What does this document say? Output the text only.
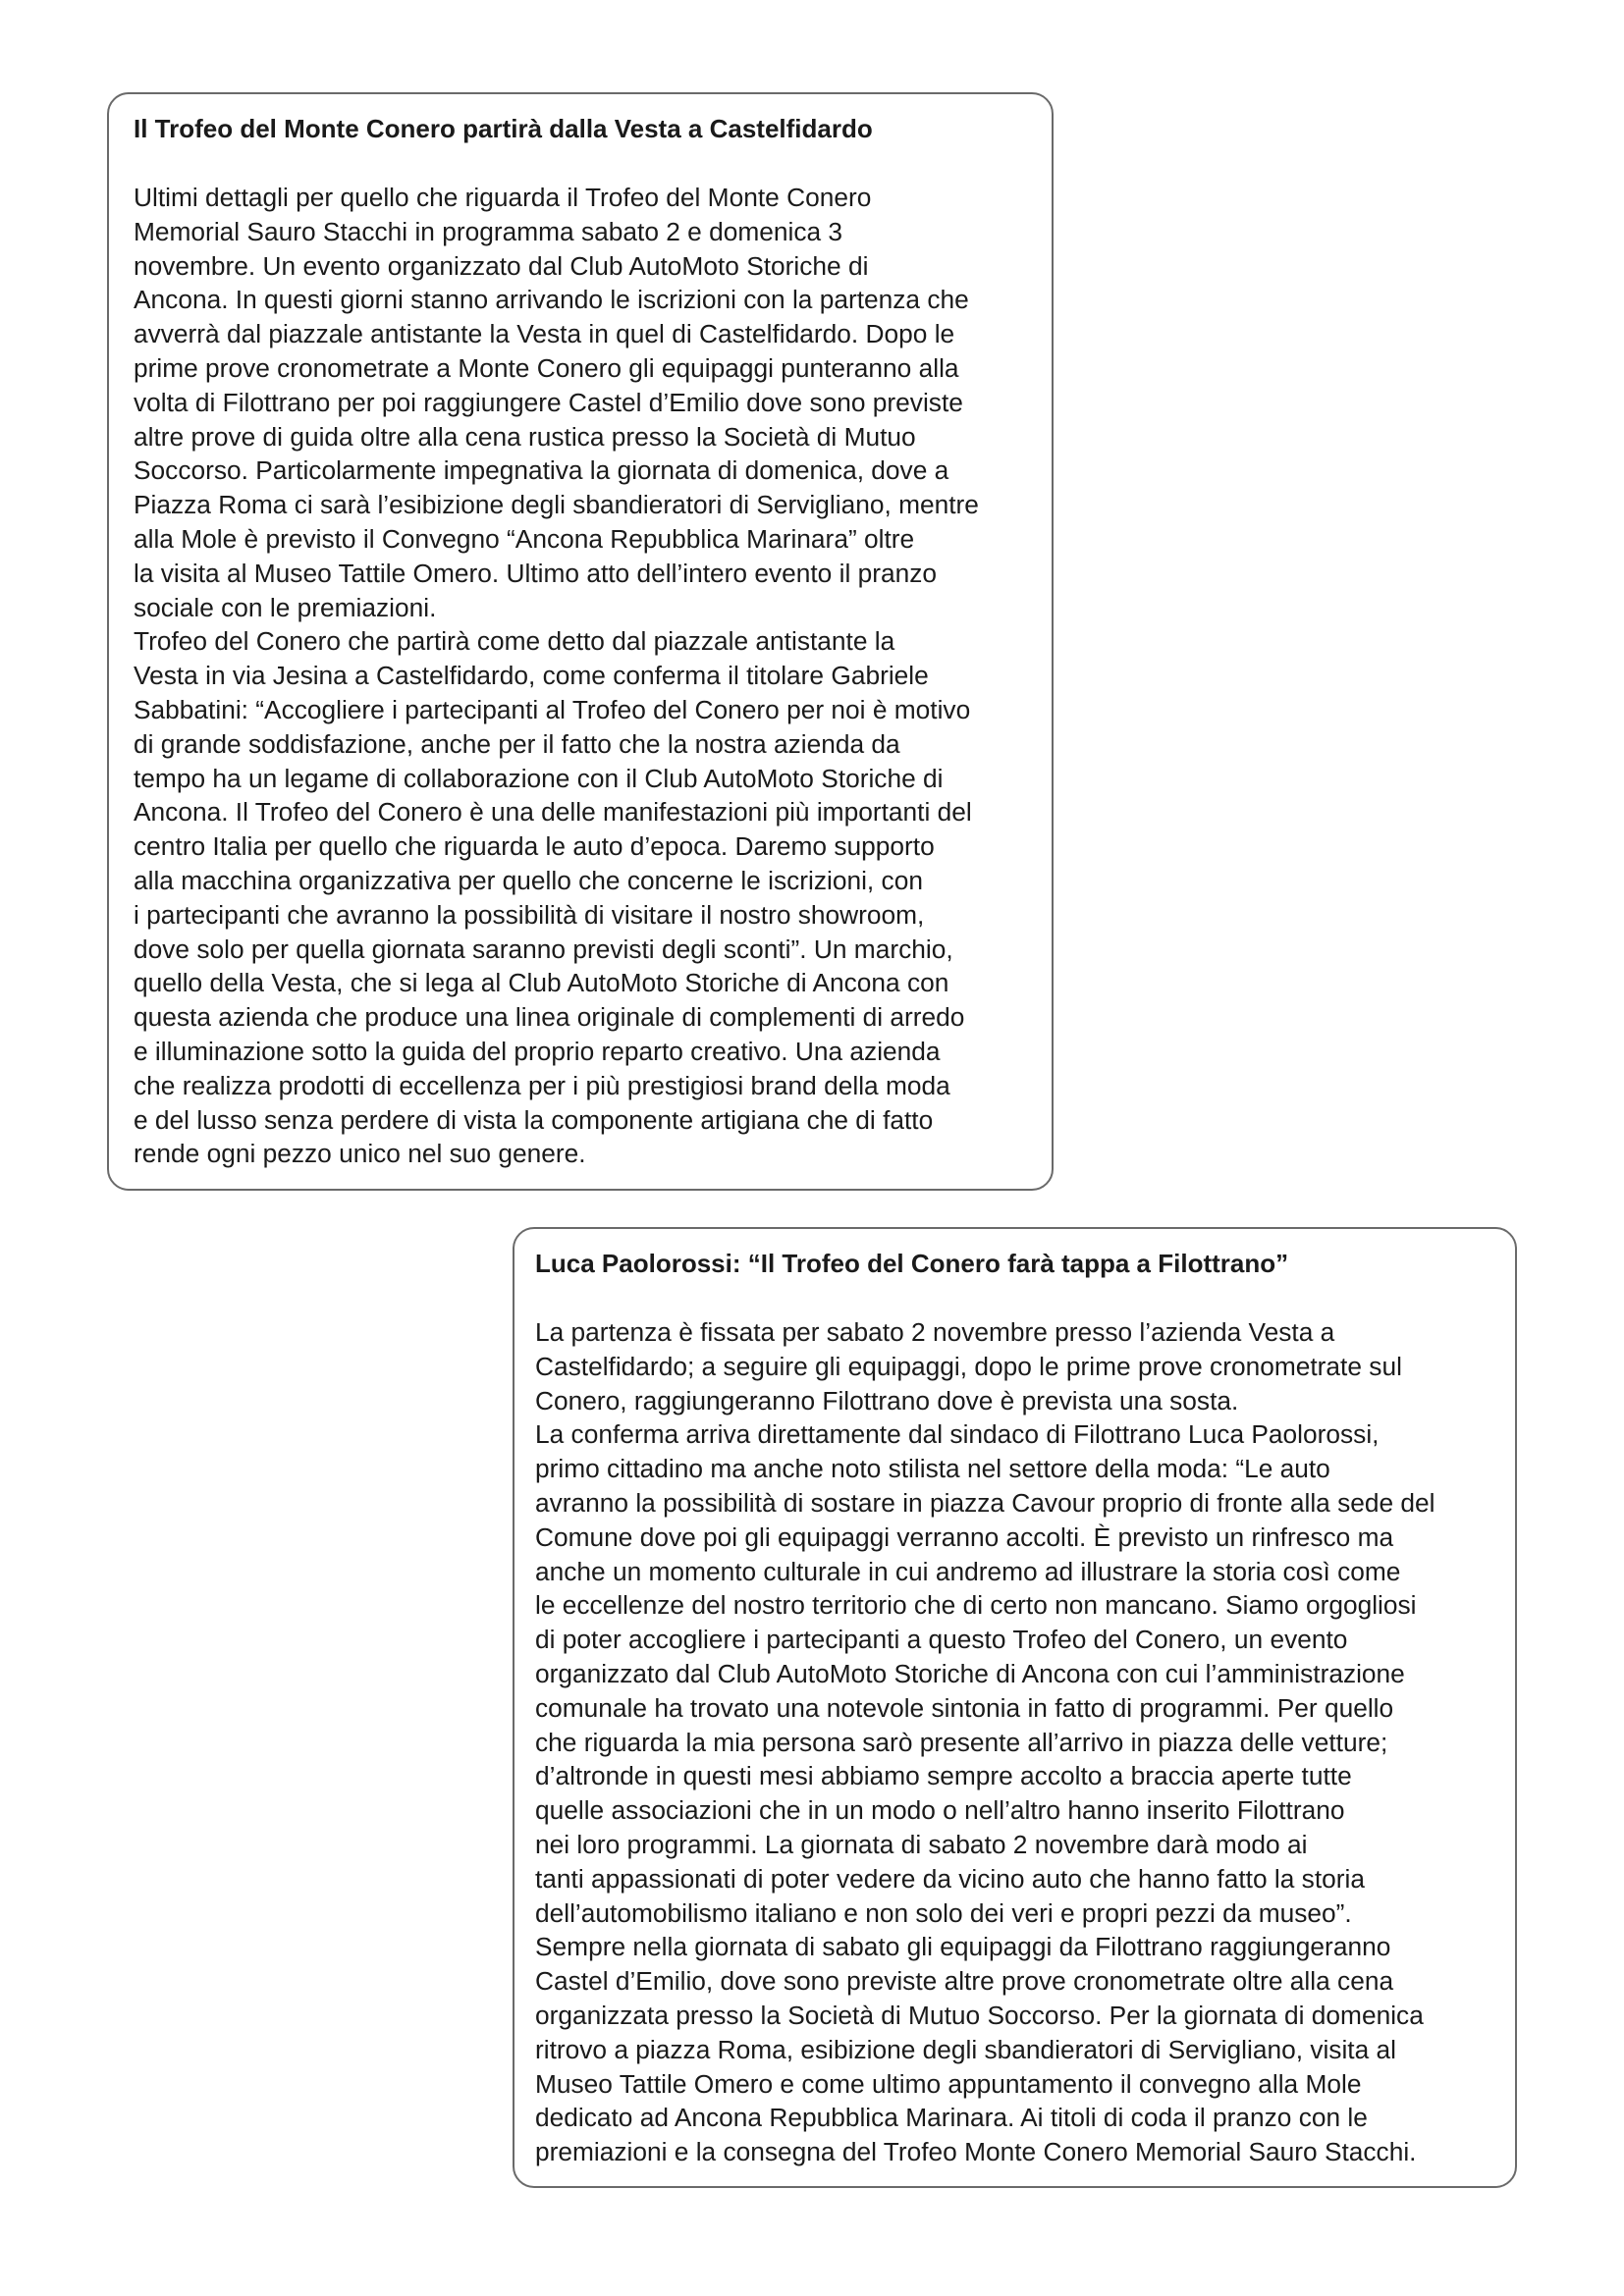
Il Trofeo del Monte Conero partirà dalla Vesta a Castelfidardo
Ultimi dettagli per quello che riguarda il Trofeo del Monte Conero
Memorial Sauro Stacchi in programma sabato 2 e domenica 3
novembre. Un evento organizzato dal Club AutoMoto Storiche di
Ancona. In questi giorni stanno arrivando le iscrizioni con la partenza che
avverrà dal piazzale antistante la Vesta in quel di Castelfidardo. Dopo le
prime prove cronometrate a Monte Conero gli equipaggi punteranno alla
volta di Filottrano per poi raggiungere Castel d’Emilio dove sono previste
altre prove di guida oltre alla cena rustica presso la Società di Mutuo
Soccorso. Particolarmente impegnativa la giornata di domenica, dove a
Piazza Roma ci sarà l’esibizione degli sbandieratori di Servigliano, mentre
alla Mole è previsto il Convegno “Ancona Repubblica Marinara” oltre
la visita al Museo Tattile Omero. Ultimo atto dell’intero evento il pranzo
sociale con le premiazioni.
Trofeo del Conero che partirà come detto dal piazzale antistante la
Vesta in via Jesina a Castelfidardo, come conferma il titolare Gabriele
Sabbatini: “Accogliere i partecipanti al Trofeo del Conero per noi è motivo
di grande soddisfazione, anche per il fatto che la nostra azienda da
tempo ha un legame di collaborazione con il Club AutoMoto Storiche di
Ancona. Il Trofeo del Conero è una delle manifestazioni più importanti del
centro Italia per quello che riguarda le auto d’epoca. Daremo supporto
alla macchina organizzativa per quello che concerne le iscrizioni, con
i partecipanti che avranno la possibilità di visitare il nostro showroom,
dove solo per quella giornata saranno previsti degli sconti”. Un marchio,
quello della Vesta, che si lega al Club AutoMoto Storiche di Ancona con
questa azienda che produce una linea originale di complementi di arredo
e illuminazione sotto la guida del proprio reparto creativo. Una azienda
che realizza prodotti di eccellenza per i più prestigiosi brand della moda
e del lusso senza perdere di vista la componente artigiana che di fatto
rende ogni pezzo unico nel suo genere.
Luca Paolorossi: “Il Trofeo del Conero farà tappa a Filottrano”
La partenza è fissata per sabato 2 novembre presso l’azienda Vesta a
Castelfidardo; a seguire gli equipaggi, dopo le prime prove cronometrate sul
Conero, raggiungeranno Filottrano dove è prevista una sosta.
La conferma arriva direttamente dal sindaco di Filottrano Luca Paolorossi,
primo cittadino ma anche noto stilista nel settore della moda: “Le auto
avranno la possibilità di sostare in piazza Cavour proprio di fronte alla sede del
Comune dove poi gli equipaggi verranno accolti. È previsto un rinfresco ma
anche un momento culturale in cui andremo ad illustrare la storia così come
le eccellenze del nostro territorio che di certo non mancano. Siamo orgogliosi
di poter accogliere i partecipanti a questo Trofeo del Conero, un evento
organizzato dal Club AutoMoto Storiche di Ancona con cui l’amministrazione
comunale ha trovato una notevole sintonia in fatto di programmi. Per quello
che riguarda la mia persona sarò presente all’arrivo in piazza delle vetture;
d’altronde in questi mesi abbiamo sempre accolto a braccia aperte tutte
quelle associazioni che in un modo o nell’altro hanno inserito Filottrano
nei loro programmi. La giornata di sabato 2 novembre darà modo ai
tanti appassionati di poter vedere da vicino auto che hanno fatto la storia
dell’automobilismo italiano e non solo dei veri e propri pezzi da museo”.
Sempre nella giornata di sabato gli equipaggi da Filottrano raggiungeranno
Castel d’Emilio, dove sono previste altre prove cronometrate oltre alla cena
organizzata presso la Società di Mutuo Soccorso. Per la giornata di domenica
ritrovo a piazza Roma, esibizione degli sbandieratori di Servigliano, visita al
Museo Tattile Omero e come ultimo appuntamento il convegno alla Mole
dedicato ad Ancona Repubblica Marinara. Ai titoli di coda il pranzo con le
premiazioni e la consegna del Trofeo Monte Conero Memorial Sauro Stacchi.
